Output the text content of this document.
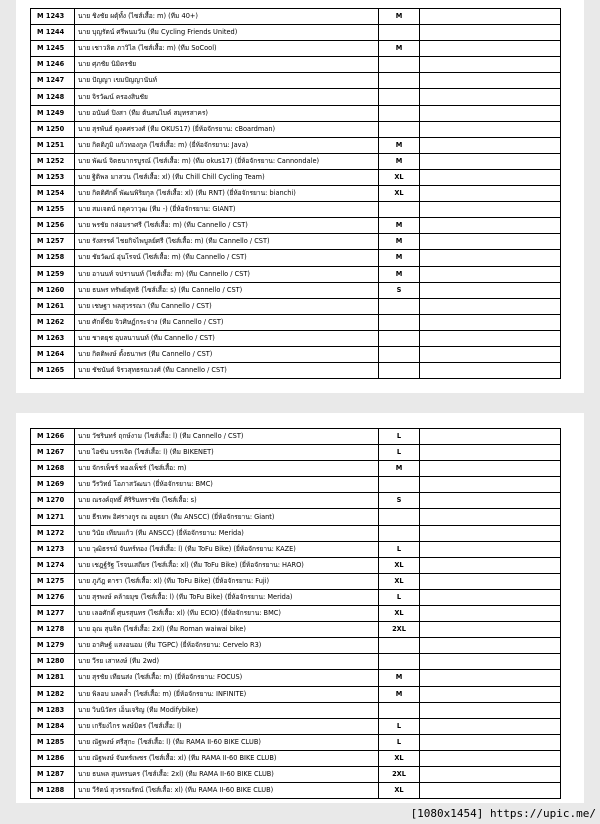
M 1243	นาย ชิงชัย ผดุ้ทั้ง (ไซส์เสื้อ: m) (ทีม 40+)	M	
M 1244	นาย บุญรัตน์ ศรีพนมวัน (ทีม Cycling Friends United)		
M 1245	นาย เชาวลิต ภาวิไล (ไซส์เสื้อ: m) (ทีม SoCool)	M	
M 1246	นาย ศุภชัย นิมิตรชัย		
M 1247	นาย ปัญญา เขมปัญญานันท์		
M 1248	นาย จิรวัฒน์ ครองสินชัย		
M 1249	นาย อนันต์ ปิงสา (ทีม ต้นสนไบค์ สมุทรสาคร)		
M 1250	นาย สุรพันธ์ ตุงคศรวงศ์ (ทีม OKUS17) (ยี่ห้อจักรยาน: cBoardman)		
M 1251	นาย กิตติภูมิ แก้วทองกูล (ไซส์เสื้อ: m) (ยี่ห้อจักรยาน: Java)	M	
M 1252	นาย พัฒน์ จิตธนากรบูรณ์ (ไซส์เสื้อ: m) (ทีม okus17) (ยี่ห้อจักรยาน: Cannondale)	M	
M 1253	นาย ฐิติพล มาสวน (ไซส์เสื้อ: xl) (ทีม Chill Chill Cycling Team)	XL	
M 1254	นาย กิตติศักดิ์ พัฒนพิริยกุล (ไซส์เสื้อ: xl) (ทีม RNT) (ยี่ห้อจักรยาน: bianchi)	XL	
M 1255	นาย สมเจตน์ กตุควาวุฒ (ทีม -) (ยี่ห้อจักรยาน: GIANT)		
M 1256	นาย พรชัย กล่อมราศรี (ไซส์เสื้อ: m) (ทีม Cannello / CST)	M	
M 1257	นาย รังสรรค์ ไชยกิจไพบูลย์ศรี (ไซส์เสื้อ: m) (ทีม Cannello / CST)	M	
M 1258	นาย ชัยวัฒน์ อุ่นโรจน์ (ไซส์เสื้อ: m) (ทีม Cannello / CST)	M	
M 1259	นาย อานนท์ จปรานนท์ (ไซส์เสื้อ: m) (ทีม Cannello / CST)	M	
M 1260	นาย ธนพร ทรัพย์สุทธิ (ไซส์เสื้อ: s) (ทีม Cannello / CST)	S	
M 1261	นาย เชษฐา พลสุวรรณา (ทีม Cannello / CST)		
M 1262	นาย ศักดิ์ชัย จิวศิษฏ์กระจ่าง (ทีม Cannello / CST)		
M 1263	นาย ชาตยุช อุบลนานนท์ (ทีม Cannello / CST)		
M 1264	นาย กิตติพงษ์ ตั้งธนาพร (ทีม Cannello / CST)		
M 1265	นาย ชัชนันต์ จิรวสุทธรณวงศ์ (ทีม Cannello / CST)		
M 1266	นาย วัชรินทร์ ฤกษ์งาม (ไซส์เสื้อ: l) (ทีม Cannello / CST)	L	
M 1267	นาย ไอซัน บรรเจิด (ไซส์เสื้อ: l) (ทีม BIKENET)	L	
M 1268	นาย จักรเพ็ชร์ ทองเพ็ชร์ (ไซส์เสื้อ: m)	M	
M 1269	นาย วีรวิทย์ โอภาสวัฒนา (ยี่ห้อจักรยาน: BMC)		
M 1270	นาย ณรงค์ฤทธิ์ ศิริรินทราชัย (ไซส์เสื้อ: s)	S	
M 1271	นาย ธีรเทพ อิศรางกูร ณ อยุธยา (ทีม ANSCC) (ยี่ห้อจักรยาน: Giant)		
M 1272	นาย วินัย เทียนแก้ว (ทีม ANSCC) (ยี่ห้อจักรยาน: Merida)		
M 1273	นาย วุฒิธรรม์ จันทร์ทอง (ไซส์เสื้อ: l) (ทีม ToFu Bike) (ยี่ห้อจักรยาน: KAZE)	L	
M 1274	นาย เชฎฐ์รัฐ โรจนเสถียร (ไซส์เสื้อ: xl) (ทีม ToFu Bike) (ยี่ห้อจักรยาน: HARO)	XL	
M 1275	นาย ภูภัฎ ดารา (ไซส์เสื้อ: xl) (ทีม ToFu Bike) (ยี่ห้อจักรยาน: Fuji)	XL	
M 1276	นาย สุรพงษ์ คล้ายมุข (ไซส์เสื้อ: l) (ทีม ToFu Bike) (ยี่ห้อจักรยาน: Merida)	L	
M 1277	นาย เลอศักดิ์ ศุนรสุนทร (ไซส์เสื้อ: xl) (ทีม ECIO) (ยี่ห้อจักรยาน: BMC)	XL	
M 1278	นาย อุณ สุนจิต (ไซส์เสื้อ: 2xl) (ทีม Roman waiwai bike)	2XL	
M 1279	นาย อาศิษฐ์ แสงอนอม (ทีม TGPC) (ยี่ห้อจักรยาน: Cervelo R3)		
M 1280	นาย วีรย เสาหงษ์ (ทีม 2wd)		
M 1281	นาย สุรชัย เทียนส่ง (ไซส์เสื้อ: m) (ยี่ห้อจักรยาน: FOCUS)	M	
M 1282	นาย พิลอบ มลคล้ำ (ไซส์เสื้อ: m) (ยี่ห้อจักรยาน: INFINITE)	M	
M 1283	นาย วินนิวัตร เอ็นเจริญ (ทีม Modifybike)		
M 1284	นาย เกรียงไกร พงษ์มิตร (ไซส์เสื้อ: l)	L	
M 1285	นาย ณัฐพงษ์ ศรีสุกะ (ไซส์เสื้อ: l) (ทีม RAMA II-60 BIKE CLUB)	L	
M 1286	นาย ณัฐพงษ์ จันทร์เพชร (ไซส์เสื้อ: xl) (ทีม RAMA II-60 BIKE CLUB)	XL	
M 1287	นาย ธนพล สุนทรนคร (ไซส์เสื้อ: 2xl) (ทีม RAMA II-60 BIKE CLUB)	2XL	
M 1288	นาย วีรัตน์ สุวรรณรัตน์ (ไซส์เสื้อ: xl) (ทีม RAMA II-60 BIKE CLUB)	XL	
[1080x1454] https://upic.me/
